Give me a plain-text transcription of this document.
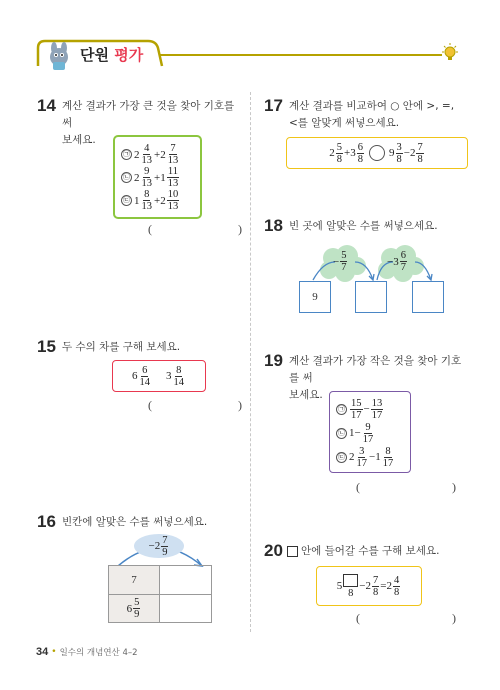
단원 평가
14 계산 결과가 가장 큰 것을 찾아 기호를 써
보세요.
㉠ $2 \frac{4}{13} + 2 \frac{7}{13}$
㉡ $2 \frac{9}{13} + 1 \frac{11}{13}$
㉢ $1 \frac{8}{13} + 2 \frac{10}{13}$
(	)
15 두 수의 차를 구해 보세요.
$6 \frac{6}{14} 3 \frac{8}{14}$
(	)
16 빈칸에 알맞은 수를 써넣으세요.
− $2 \frac{7}{9}$
7
$6 \frac{5}{9}$
17 계산 결과를 비교하여 ○ 안에 >, =,
<를 알맞게 써넣으세요.
$2 \frac{5}{8} + 3 \frac{6}{8} 9 \frac{3}{8} - 2 \frac{7}{8}$
18 빈 곳에 알맞은 수를 써넣으세요.
− $\frac{5}{7}$	− $3 \frac{6}{7}$
9
19 계산 결과가 가장 작은 것을 찾아 기호를 써
보세요.
㉠ $\frac{15}{17} - \frac{13}{17}$
㉡ $1 - \frac{9}{17}$
㉢ $2 \frac{3}{17} - 1 \frac{8}{17}$
(	)
20 안에 들어갈 수를 구해 보세요.
5
8
− $2 \frac{7}{8} = 2 \frac{4}{8}$
(	)
34 • 일수의 개념연산 4–2
